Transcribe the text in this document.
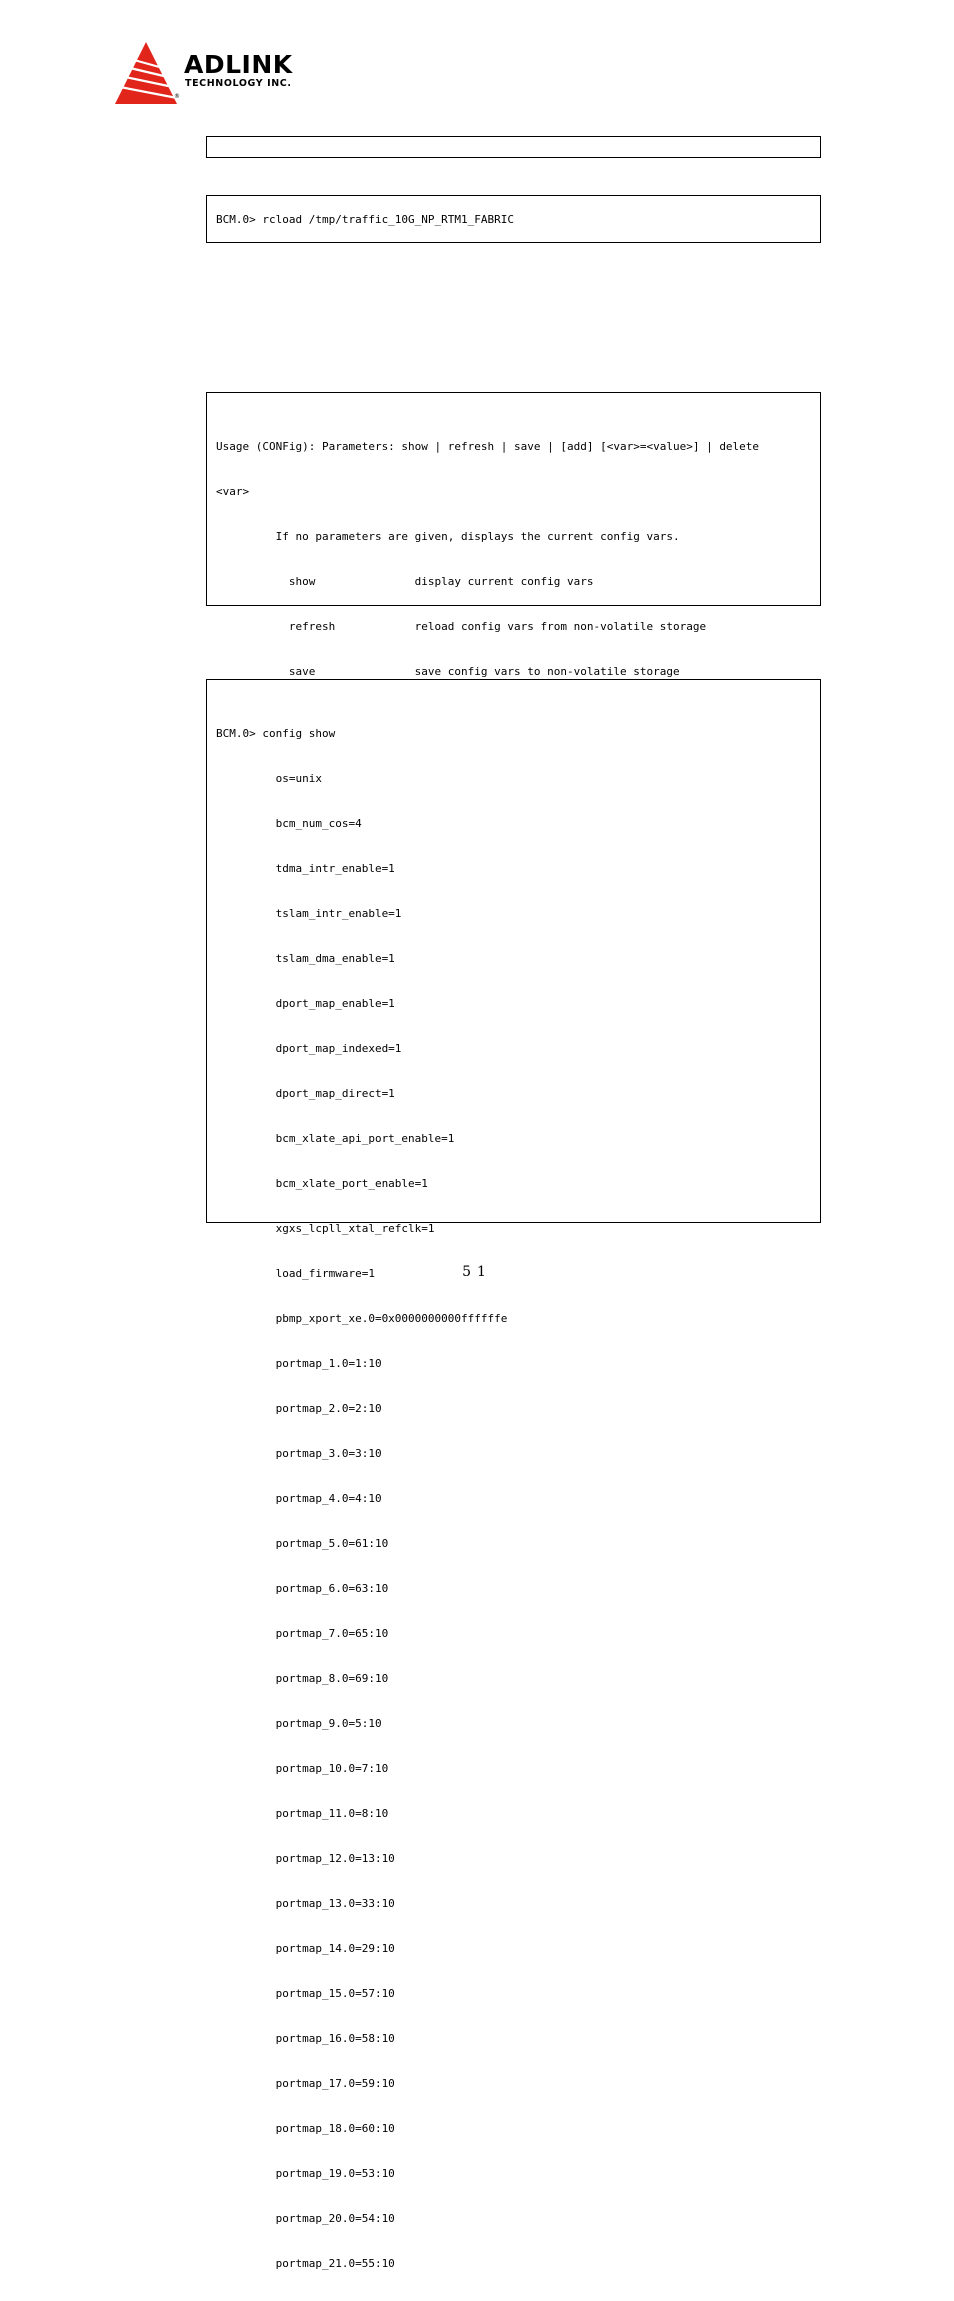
®
ADLINK
TECHNOLOGY INC.
BCM.0> rcload /tmp/traffic_10G_NP_RTM1_FABRIC

Usage (CONFig): Parameters: show | refresh | save | [add] [<var>=<value>] | delete

<var>

If no parameters are given, displays the current config vars.

show               display current config vars

refresh            reload config vars from non-volatile storage

save               save config vars to non-volatile storage

BCM.0> config show

os=unix

bcm_num_cos=4

tdma_intr_enable=1

tslam_intr_enable=1

tslam_dma_enable=1

dport_map_enable=1

dport_map_indexed=1

dport_map_direct=1

bcm_xlate_api_port_enable=1

bcm_xlate_port_enable=1

xgxs_lcpll_xtal_refclk=1

load_firmware=1

pbmp_xport_xe.0=0x0000000000ffffffe

portmap_1.0=1:10

portmap_2.0=2:10

portmap_3.0=3:10

portmap_4.0=4:10

portmap_5.0=61:10

portmap_6.0=63:10

portmap_7.0=65:10

portmap_8.0=69:10

portmap_9.0=5:10

portmap_10.0=7:10

portmap_11.0=8:10

portmap_12.0=13:10

portmap_13.0=33:10

portmap_14.0=29:10

portmap_15.0=57:10

portmap_16.0=58:10

portmap_17.0=59:10

portmap_18.0=60:10

portmap_19.0=53:10

portmap_20.0=54:10

portmap_21.0=55:10

51
